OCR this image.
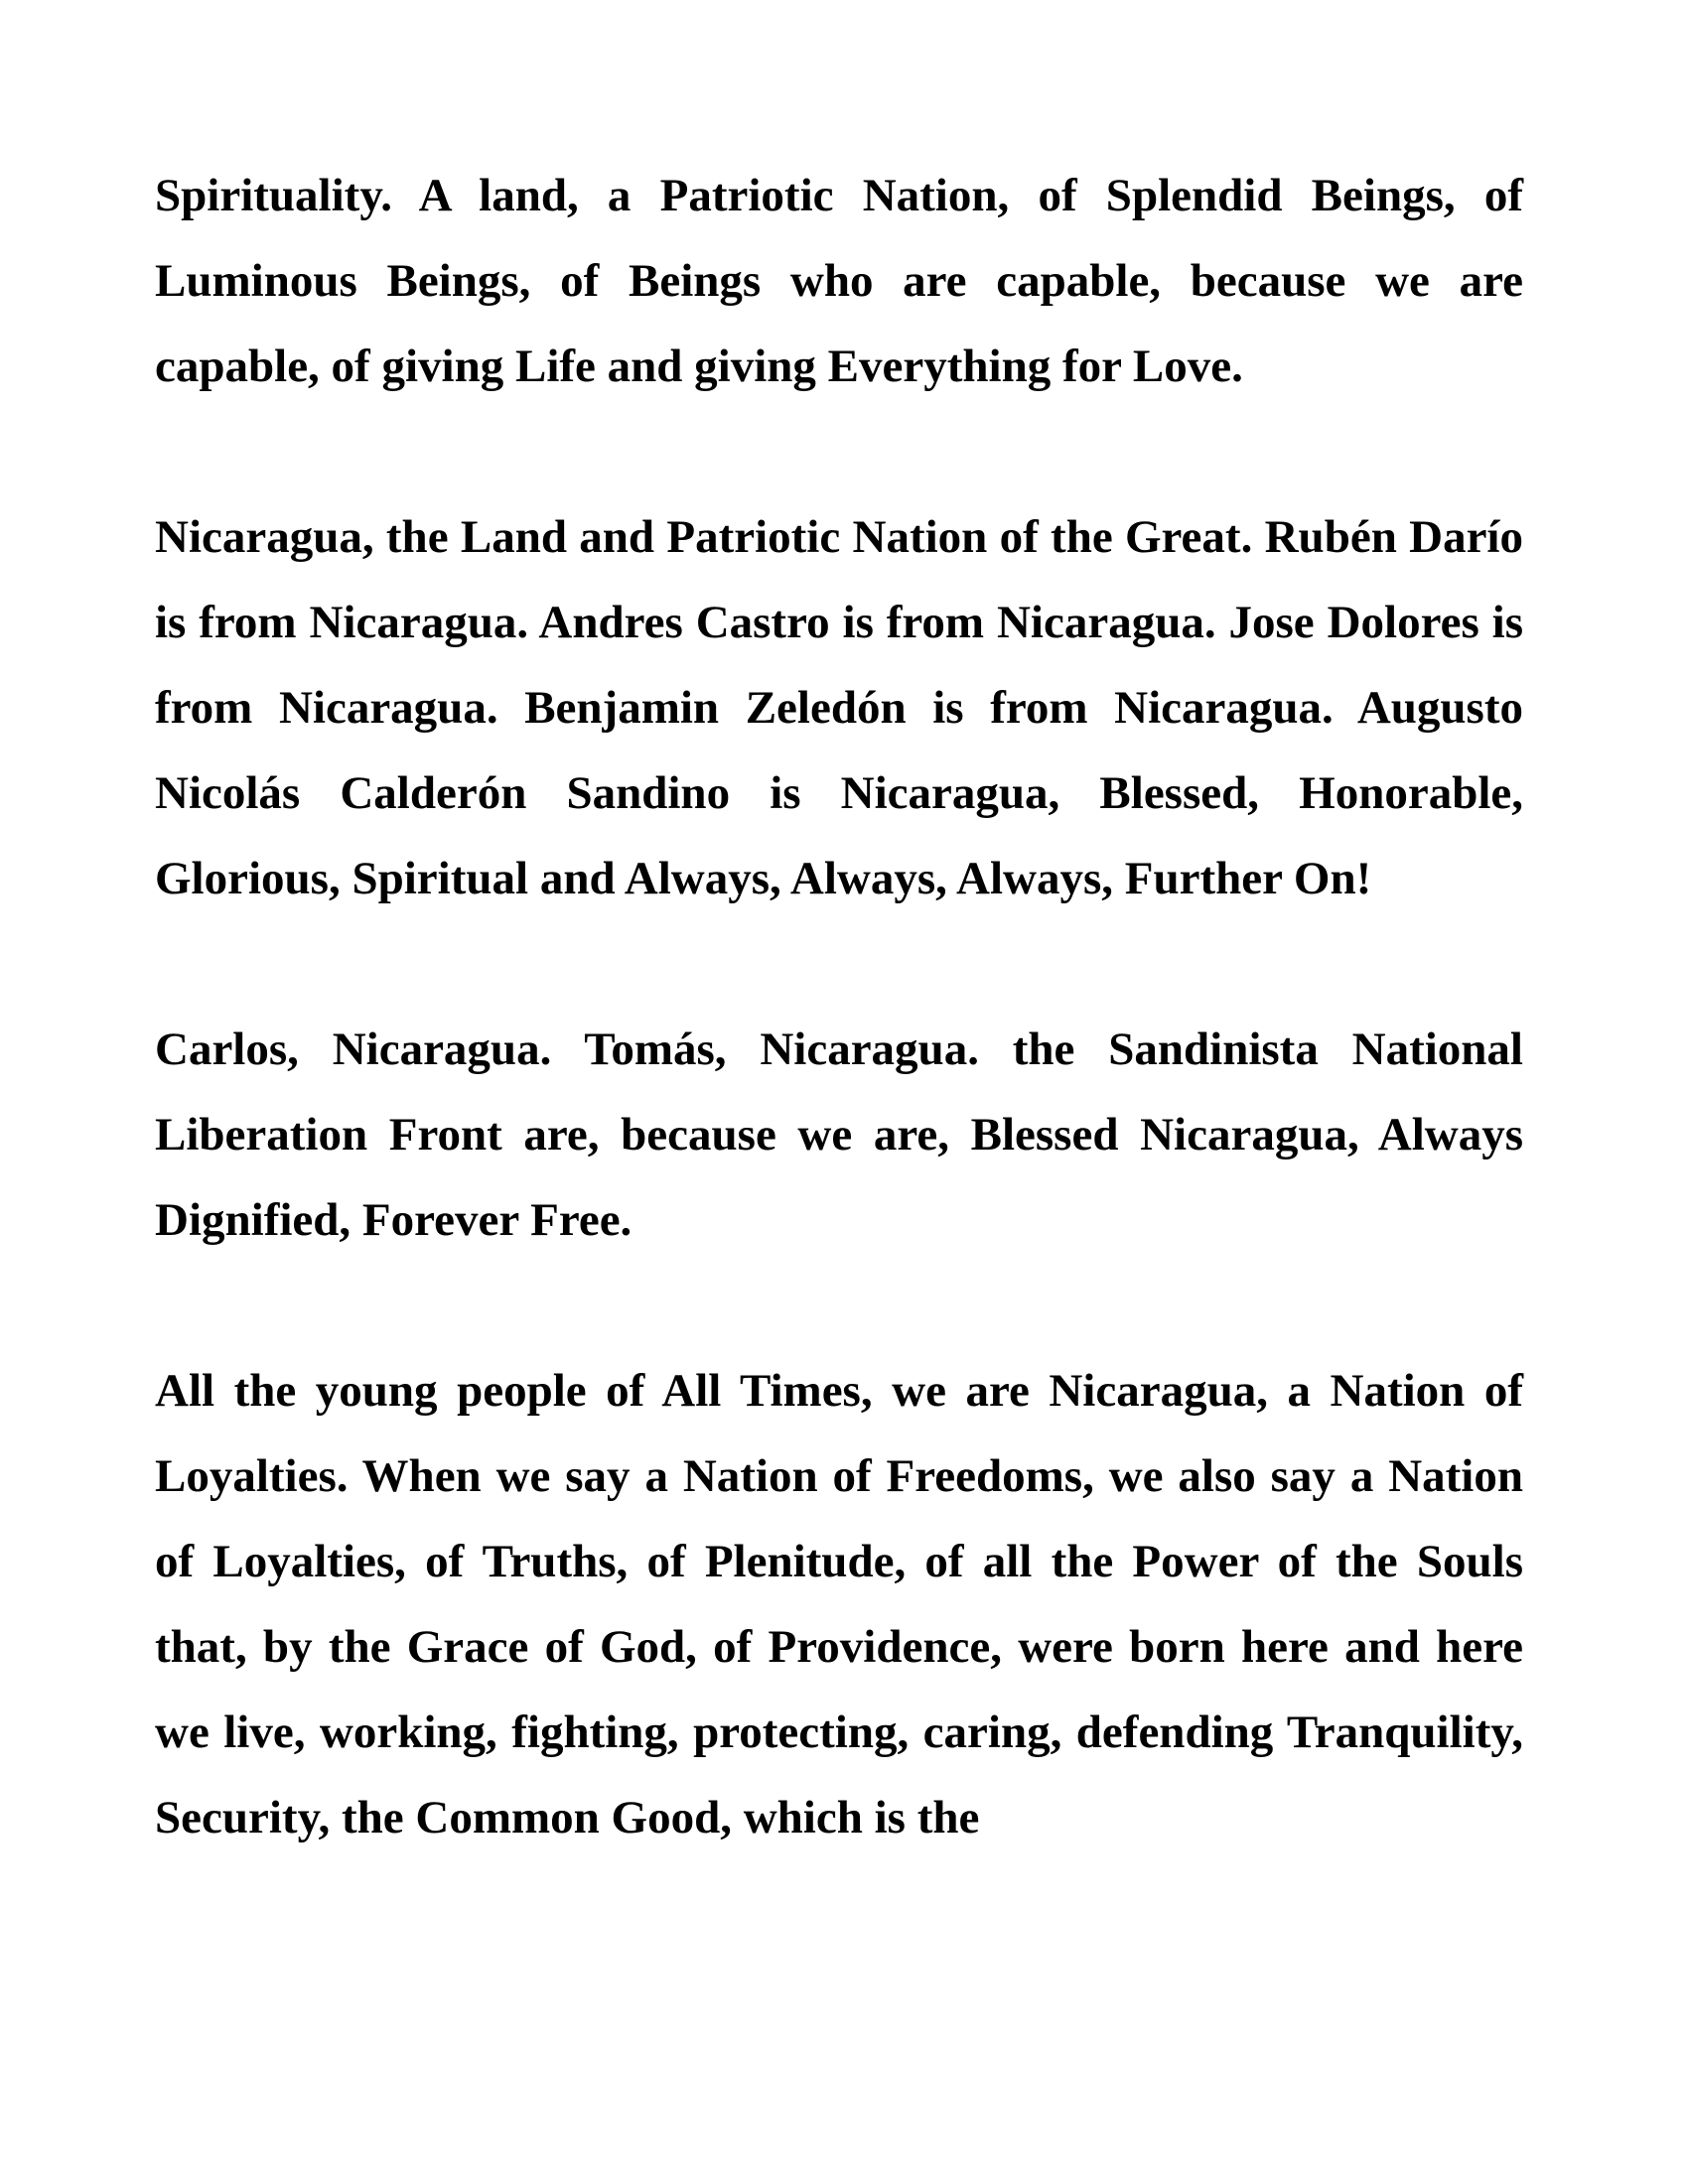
Spirituality. A land, a Patriotic Nation, of Splendid Beings, of Luminous Beings, of Beings who are capable, because we are capable, of giving Life and giving Everything for Love.

Nicaragua, the Land and Patriotic Nation of the Great. Rubén Darío is from Nicaragua. Andres Castro is from Nicaragua. Jose Dolores is from Nicaragua. Benjamin Zeledón is from Nicaragua. Augusto Nicolás Calderón Sandino is Nicaragua, Blessed, Honorable, Glorious, Spiritual and Always, Always, Always, Further On!

Carlos, Nicaragua. Tomás, Nicaragua. the Sandinista National Liberation Front are, because we are, Blessed Nicaragua, Always Dignified, Forever Free.

All the young people of All Times, we are Nicaragua, a Nation of Loyalties. When we say a Nation of Freedoms, we also say a Nation of Loyalties, of Truths, of Plenitude, of all the Power of the Souls that, by the Grace of God, of Providence, were born here and here we live, working, fighting, protecting, caring, defending Tranquility, Security, the Common Good, which is the
